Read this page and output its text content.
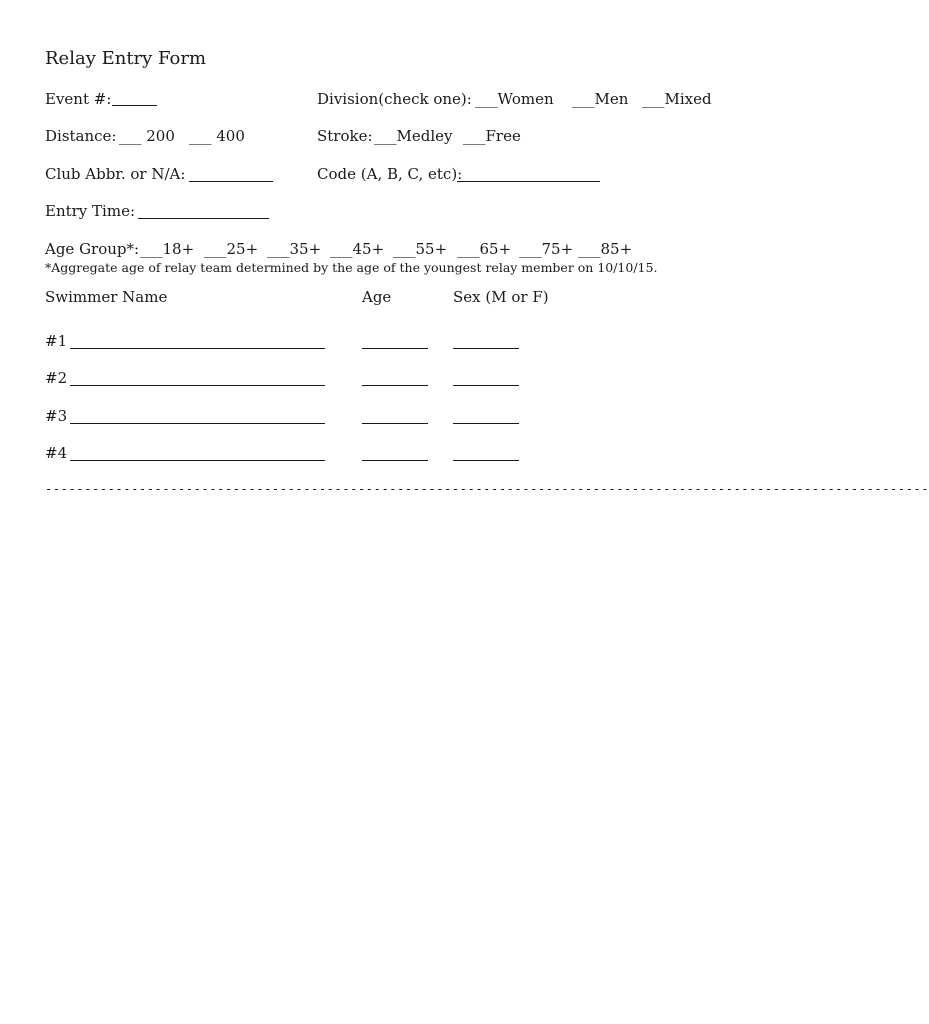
Relay Entry Form
Event #:	Division(check one): ___Women ___Men ___Mixed
Distance: ___ 200 ___ 400	Stroke: ___Medley ___Free
Club Abbr. or N/A:	Code (A, B, C, etc):
Entry Time:
Age Group*: ___18+ ___25+ ___35+ ___45+ ___55+ ___65+ ___75+ ___85+
*Aggregate age of relay team determined by the age of the youngest relay member on 10/10/15.
Swimmer Name	Age	Sex (M or F)
#1
#2
#3
#4
-----------------------------------------------------------------------------------------------------------------
